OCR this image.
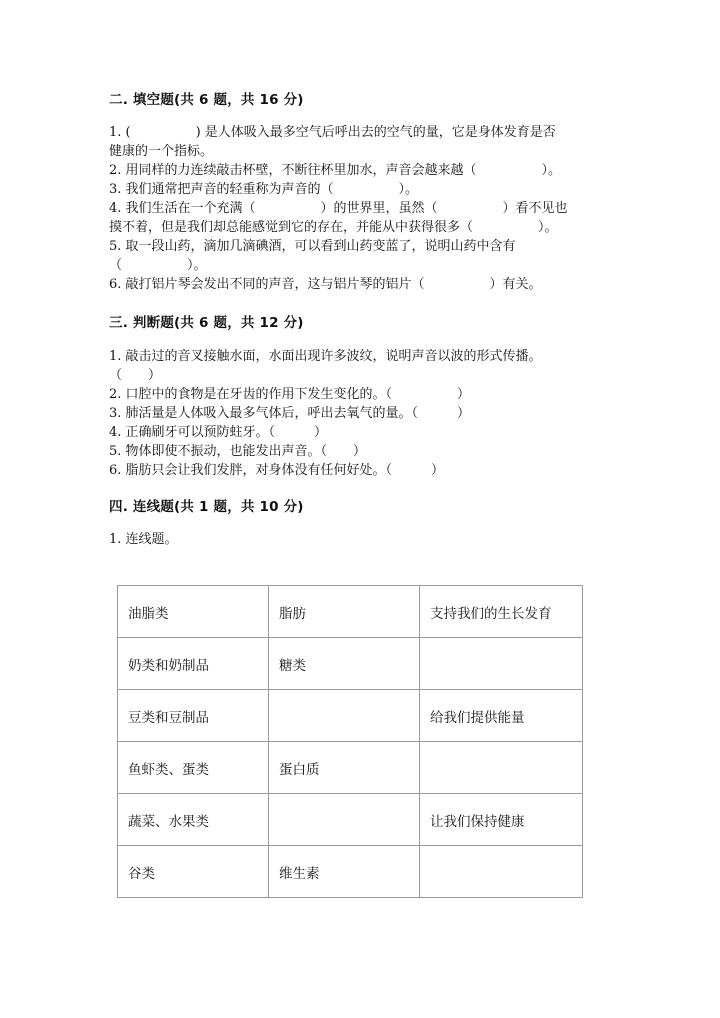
二. 填空题(共 6 题，共 16 分)
1. (　　　　　) 是人体吸入最多空气后呼出去的空气的量，它是身体发育是否
健康的一个指标。
2. 用同样的力连续敲击杯壁，不断往杯里加水，声音会越来越（　　　　　）。
3. 我们通常把声音的轻重称为声音的（　　　　　）。
4. 我们生活在一个充满（　　　　　）的世界里，虽然（　　　　　）看不见也
摸不着，但是我们却总能感觉到它的存在，并能从中获得很多（　　　　　）。
5. 取一段山药，滴加几滴碘酒，可以看到山药变蓝了，说明山药中含有
（　　　　　）。
6. 敲打铝片琴会发出不同的声音，这与铝片琴的铝片（　　　　　）有关。
三. 判断题(共 6 题，共 12 分)
1. 敲击过的音叉接触水面，水面出现许多波纹，说明声音以波的形式传播。
（　　）
2. 口腔中的食物是在牙齿的作用下发生变化的。（　　　　　）
3. 肺活量是人体吸入最多气体后，呼出去氧气的量。（　　　）
4. 正确刷牙可以预防蛀牙。（　　　）
5. 物体即使不振动，也能发出声音。（　　）
6. 脂肪只会让我们发胖，对身体没有任何好处。（　　　）
四. 连线题(共 1 题，共 10 分)
1. 连线题。
油脂类	脂肪	支持我们的生长发育
奶类和奶制品	糖类	
豆类和豆制品		给我们提供能量
鱼虾类、蛋类	蛋白质	
蔬菜、水果类		让我们保持健康
谷类	维生素	
